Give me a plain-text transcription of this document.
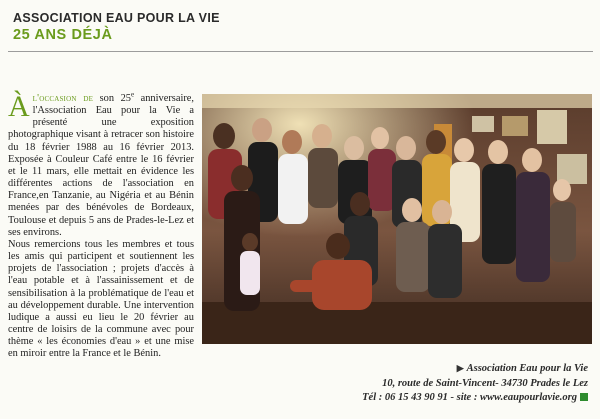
ASSOCIATION EAU POUR LA VIE
25 ANS DÉJÀ

Àl'occasion de son 25e anniversaire, l'Association Eau pour la Vie a présenté une exposition photographique visant à retracer son histoire du 18 février 1988 au 16 février 2013. Exposée à Couleur Café entre le 16 février et le 11 mars, elle mettait en évidence les différentes actions de l'association en France,en Tanzanie, au Nigéria et au Bénin menées par des bénévoles de Bordeaux, Toulouse et depuis 5 ans de Prades-le-Lez et ses environs.

Nous remercions tous les membres et tous les amis qui participent et soutiennent les projets de l'association ; projets d'accès à l'eau potable et à l'assainissement et de sensibilisation à la problématique de l'eau et au développement durable. Une intervention ludique a aussi eu lieu le 20 février au centre de loisirs de la commune avec pour thème « les économies d'eau » et une mise en miroir entre la France et le Bénin.

▶ Association Eau pour la Vie
10, route de Saint-Vincent- 34730 Prades le Lez
Tél : 06 15 43 90 91 - site : www.eaupourlavie.org
